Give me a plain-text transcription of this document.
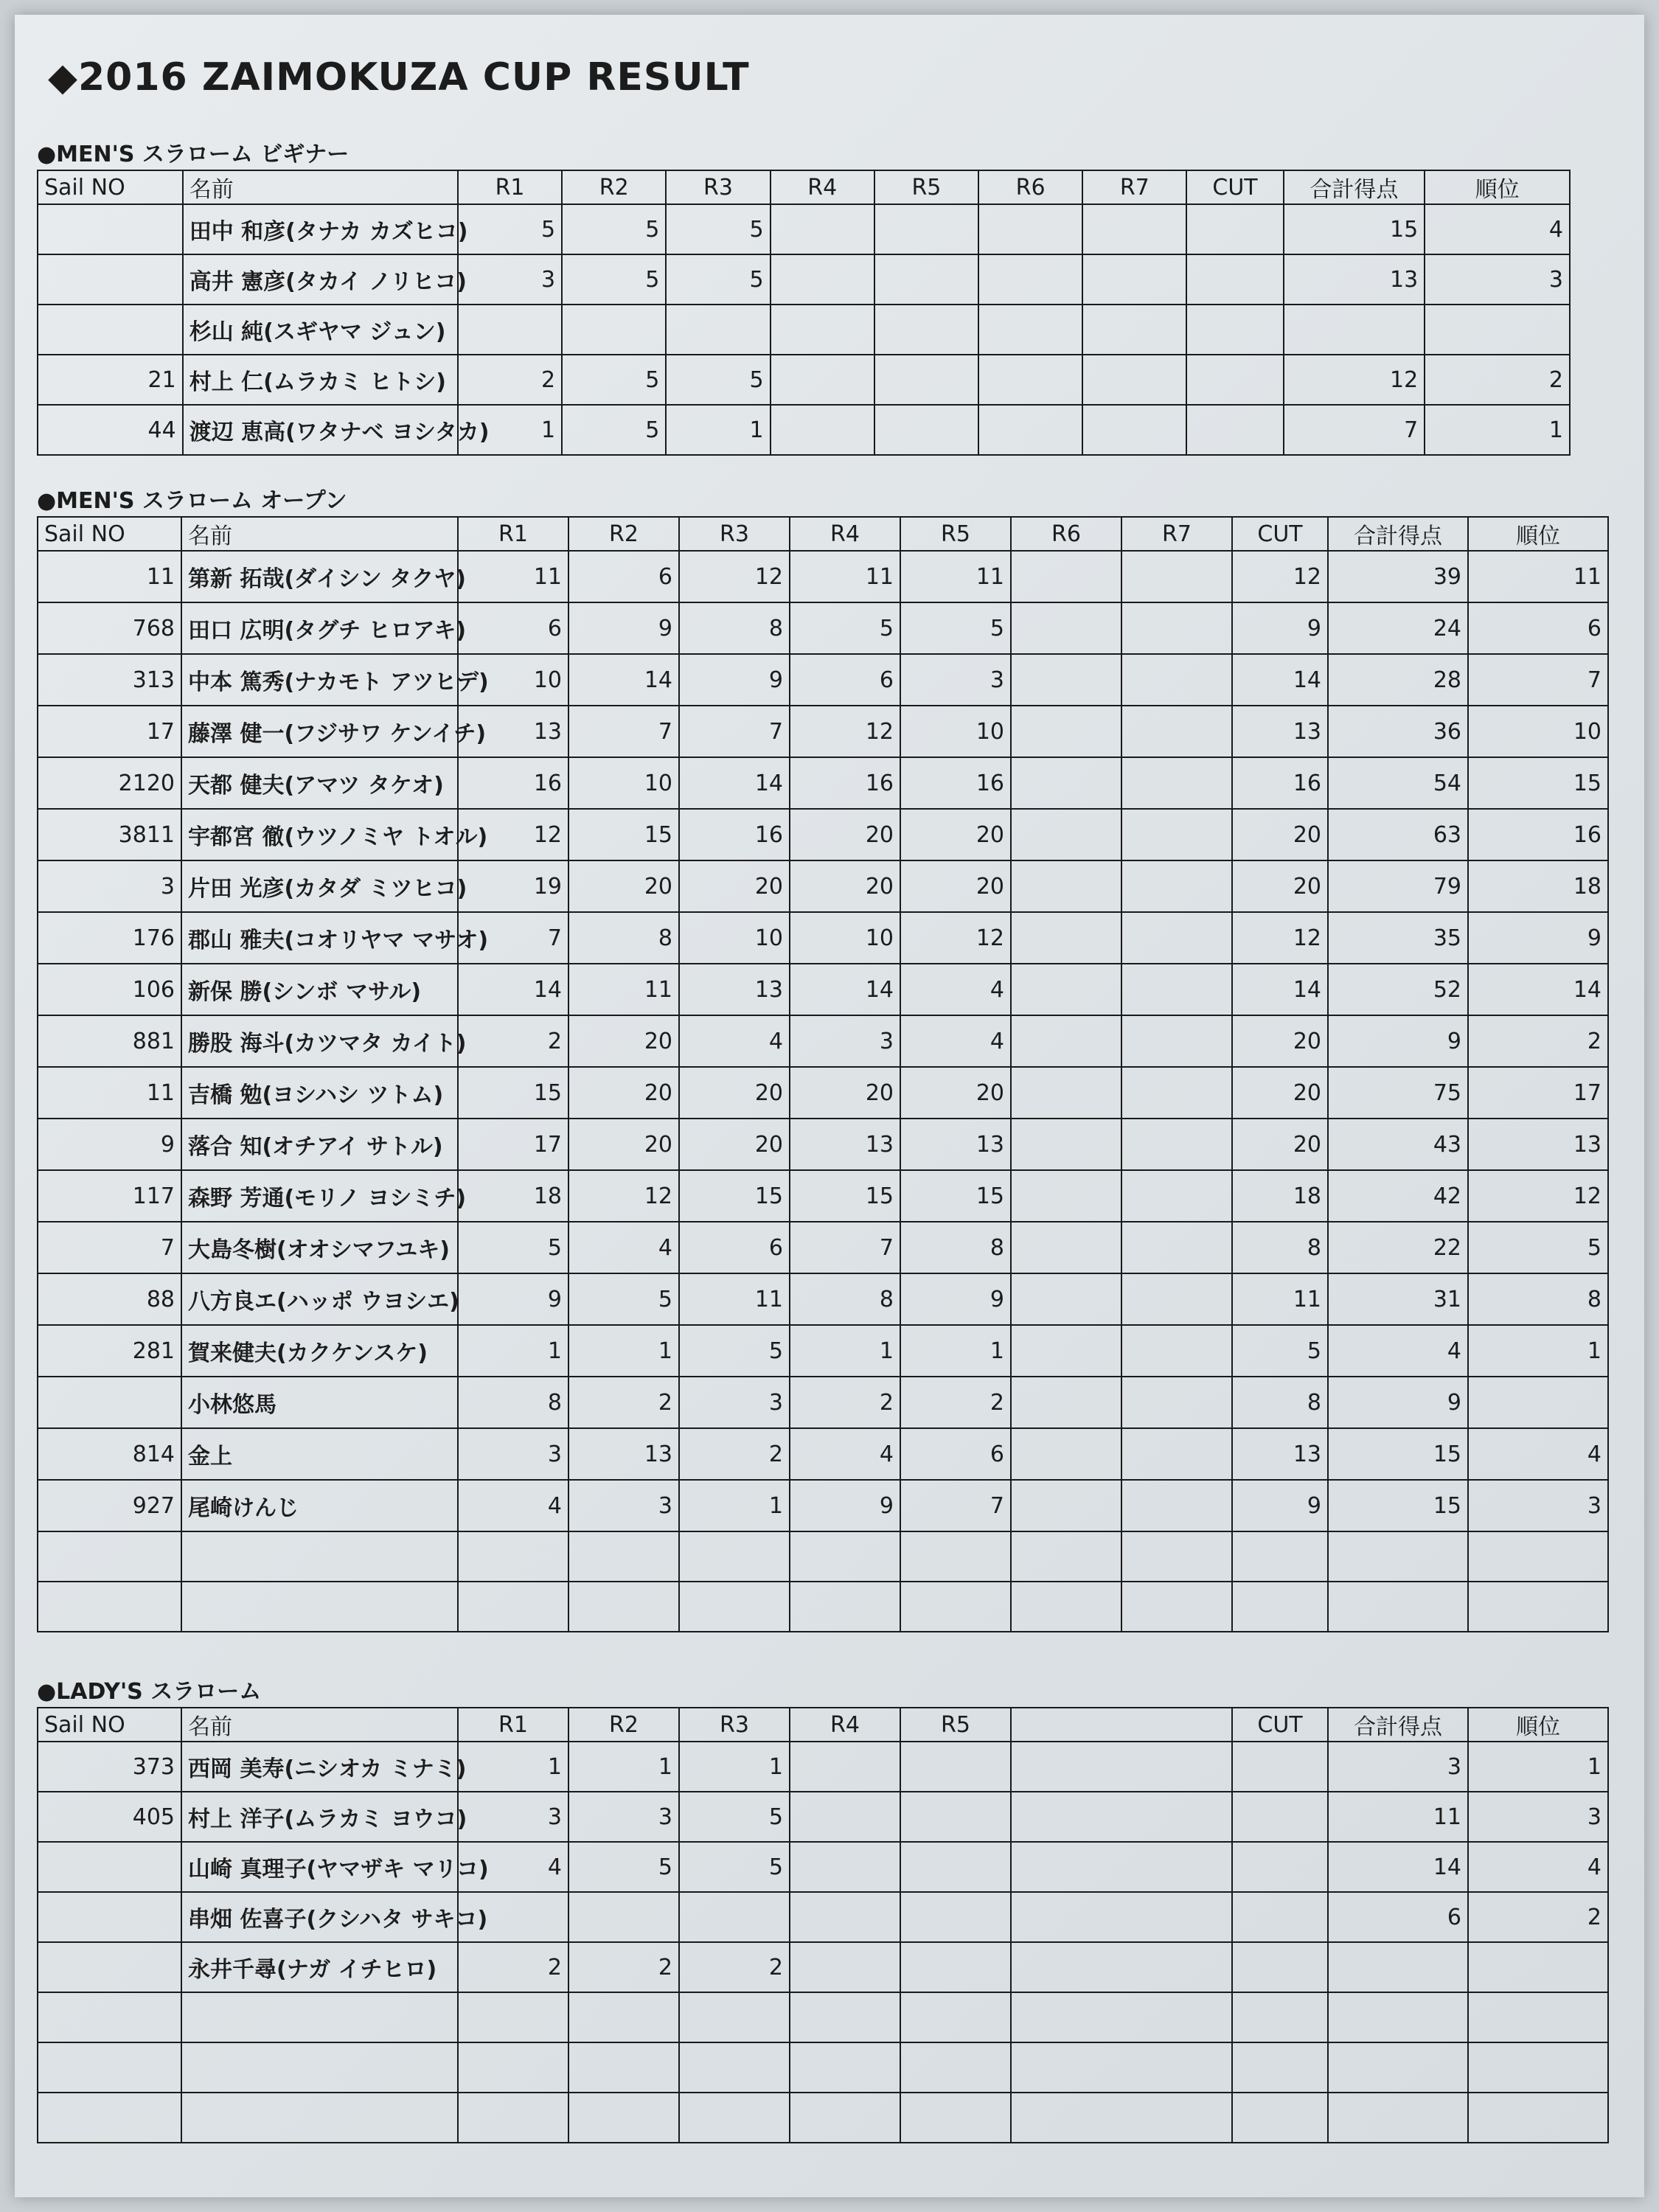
◆2016 ZAIMOKUZA CUP RESULT
●MEN'S スラローム ビギナー
Sail NO	名前	R1	R2	R3	R4	R5	R6	R7	CUT	合計得点	順位
	田中 和彦(タナカ カズヒコ)	5	5	5						15	4
	高井 憲彦(タカイ ノリヒコ)	3	5	5						13	3
	杉山 純(スギヤマ ジュン)										
21	村上 仁(ムラカミ ヒトシ)	2	5	5						12	2
44	渡辺 恵高(ワタナベ ヨシタカ)	1	5	1						7	1
●MEN'S スラローム オープン
Sail NO	名前	R1	R2	R3	R4	R5	R6	R7	CUT	合計得点	順位
11	第新 拓哉(ダイシン タクヤ)	11	6	12	11	11			12	39	11
768	田口 広明(タグチ ヒロアキ)	6	9	8	5	5			9	24	6
313	中本 篤秀(ナカモト アツヒデ)	10	14	9	6	3			14	28	7
17	藤澤 健一(フジサワ ケンイチ)	13	7	7	12	10			13	36	10
2120	天都 健夫(アマツ タケオ)	16	10	14	16	16			16	54	15
3811	宇都宮 徹(ウツノミヤ トオル)	12	15	16	20	20			20	63	16
3	片田 光彦(カタダ ミツヒコ)	19	20	20	20	20			20	79	18
176	郡山 雅夫(コオリヤマ マサオ)	7	8	10	10	12			12	35	9
106	新保 勝(シンボ マサル)	14	11	13	14	4			14	52	14
881	勝股 海斗(カツマタ カイト)	2	20	4	3	4			20	9	2
11	吉橋 勉(ヨシハシ ツトム)	15	20	20	20	20			20	75	17
9	落合 知(オチアイ サトル)	17	20	20	13	13			20	43	13
117	森野 芳通(モリノ ヨシミチ)	18	12	15	15	15			18	42	12
7	大島冬樹(オオシマフユキ)	5	4	6	7	8			8	22	5
88	八方良エ(ハッポ ウヨシエ)	9	5	11	8	9			11	31	8
281	賀来健夫(カクケンスケ)	1	1	5	1	1			5	4	1
	小林悠馬	8	2	3	2	2			8	9	
814	金上	3	13	2	4	6			13	15	4
927	尾崎けんじ	4	3	1	9	7			9	15	3

●LADY'S スラローム
Sail NO	名前	R1	R2	R3	R4	R5		CUT	合計得点	順位
373	西岡 美寿(ニシオカ ミナミ)	1	1	1					3	1
405	村上 洋子(ムラカミ ヨウコ)	3	3	5					11	3
	山崎 真理子(ヤマザキ マリコ)	4	5	5					14	4
	串畑 佐喜子(クシハタ サキコ)								6	2
	永井千尋(ナガ イチヒロ)	2	2	2						
